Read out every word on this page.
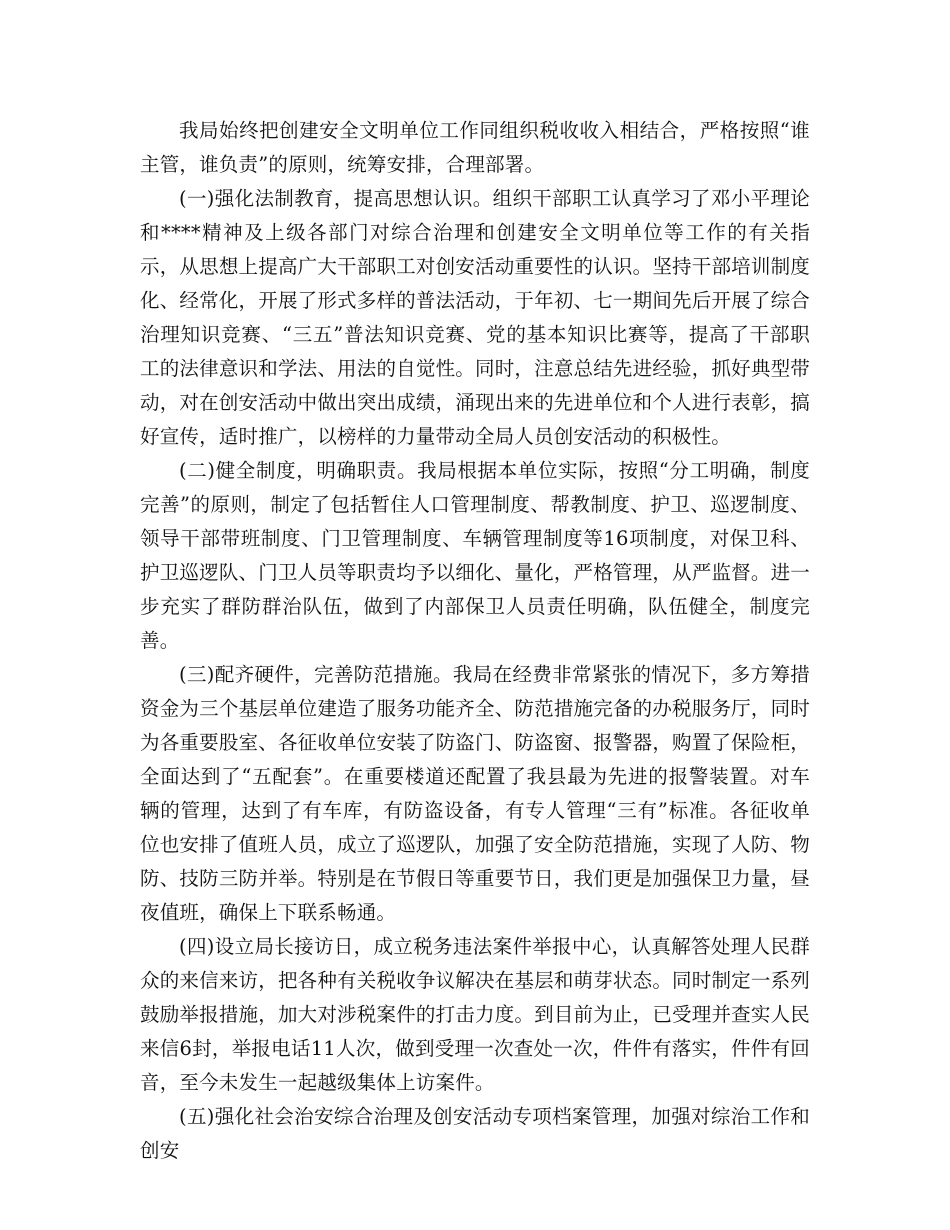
我局始终把创建安全文明单位工作同组织税收收入相结合，严格按照“谁主管，谁负责”的原则，统筹安排，合理部署。

(一)强化法制教育，提高思想认识。组织干部职工认真学习了邓小平理论和****精神及上级各部门对综合治理和创建安全文明单位等工作的有关指示，从思想上提高广大干部职工对创安活动重要性的认识。坚持干部培训制度化、经常化，开展了形式多样的普法活动，于年初、七一期间先后开展了综合治理知识竞赛、“三五”普法知识竞赛、党的基本知识比赛等，提高了干部职工的法律意识和学法、用法的自觉性。同时，注意总结先进经验，抓好典型带动，对在创安活动中做出突出成绩，涌现出来的先进单位和个人进行表彰，搞好宣传，适时推广，以榜样的力量带动全局人员创安活动的积极性。

(二)健全制度，明确职责。我局根据本单位实际，按照“分工明确，制度完善”的原则，制定了包括暂住人口管理制度、帮教制度、护卫、巡逻制度、领导干部带班制度、门卫管理制度、车辆管理制度等16项制度，对保卫科、护卫巡逻队、门卫人员等职责均予以细化、量化，严格管理，从严监督。进一步充实了群防群治队伍，做到了内部保卫人员责任明确，队伍健全，制度完善。

(三)配齐硬件，完善防范措施。我局在经费非常紧张的情况下，多方筹措资金为三个基层单位建造了服务功能齐全、防范措施完备的办税服务厅，同时为各重要股室、各征收单位安装了防盗门、防盗窗、报警器，购置了保险柜，全面达到了“五配套”。在重要楼道还配置了我县最为先进的报警装置。对车辆的管理，达到了有车库，有防盗设备，有专人管理“三有”标准。各征收单位也安排了值班人员，成立了巡逻队，加强了安全防范措施，实现了人防、物防、技防三防并举。特别是在节假日等重要节日，我们更是加强保卫力量，昼夜值班，确保上下联系畅通。

(四)设立局长接访日，成立税务违法案件举报中心，认真解答处理人民群众的来信来访，把各种有关税收争议解决在基层和萌芽状态。同时制定一系列鼓励举报措施，加大对涉税案件的打击力度。到目前为止，已受理并查实人民来信6封，举报电话11人次，做到受理一次查处一次，件件有落实，件件有回音，至今未发生一起越级集体上访案件。

(五)强化社会治安综合治理及创安活动专项档案管理，加强对综治工作和创安
